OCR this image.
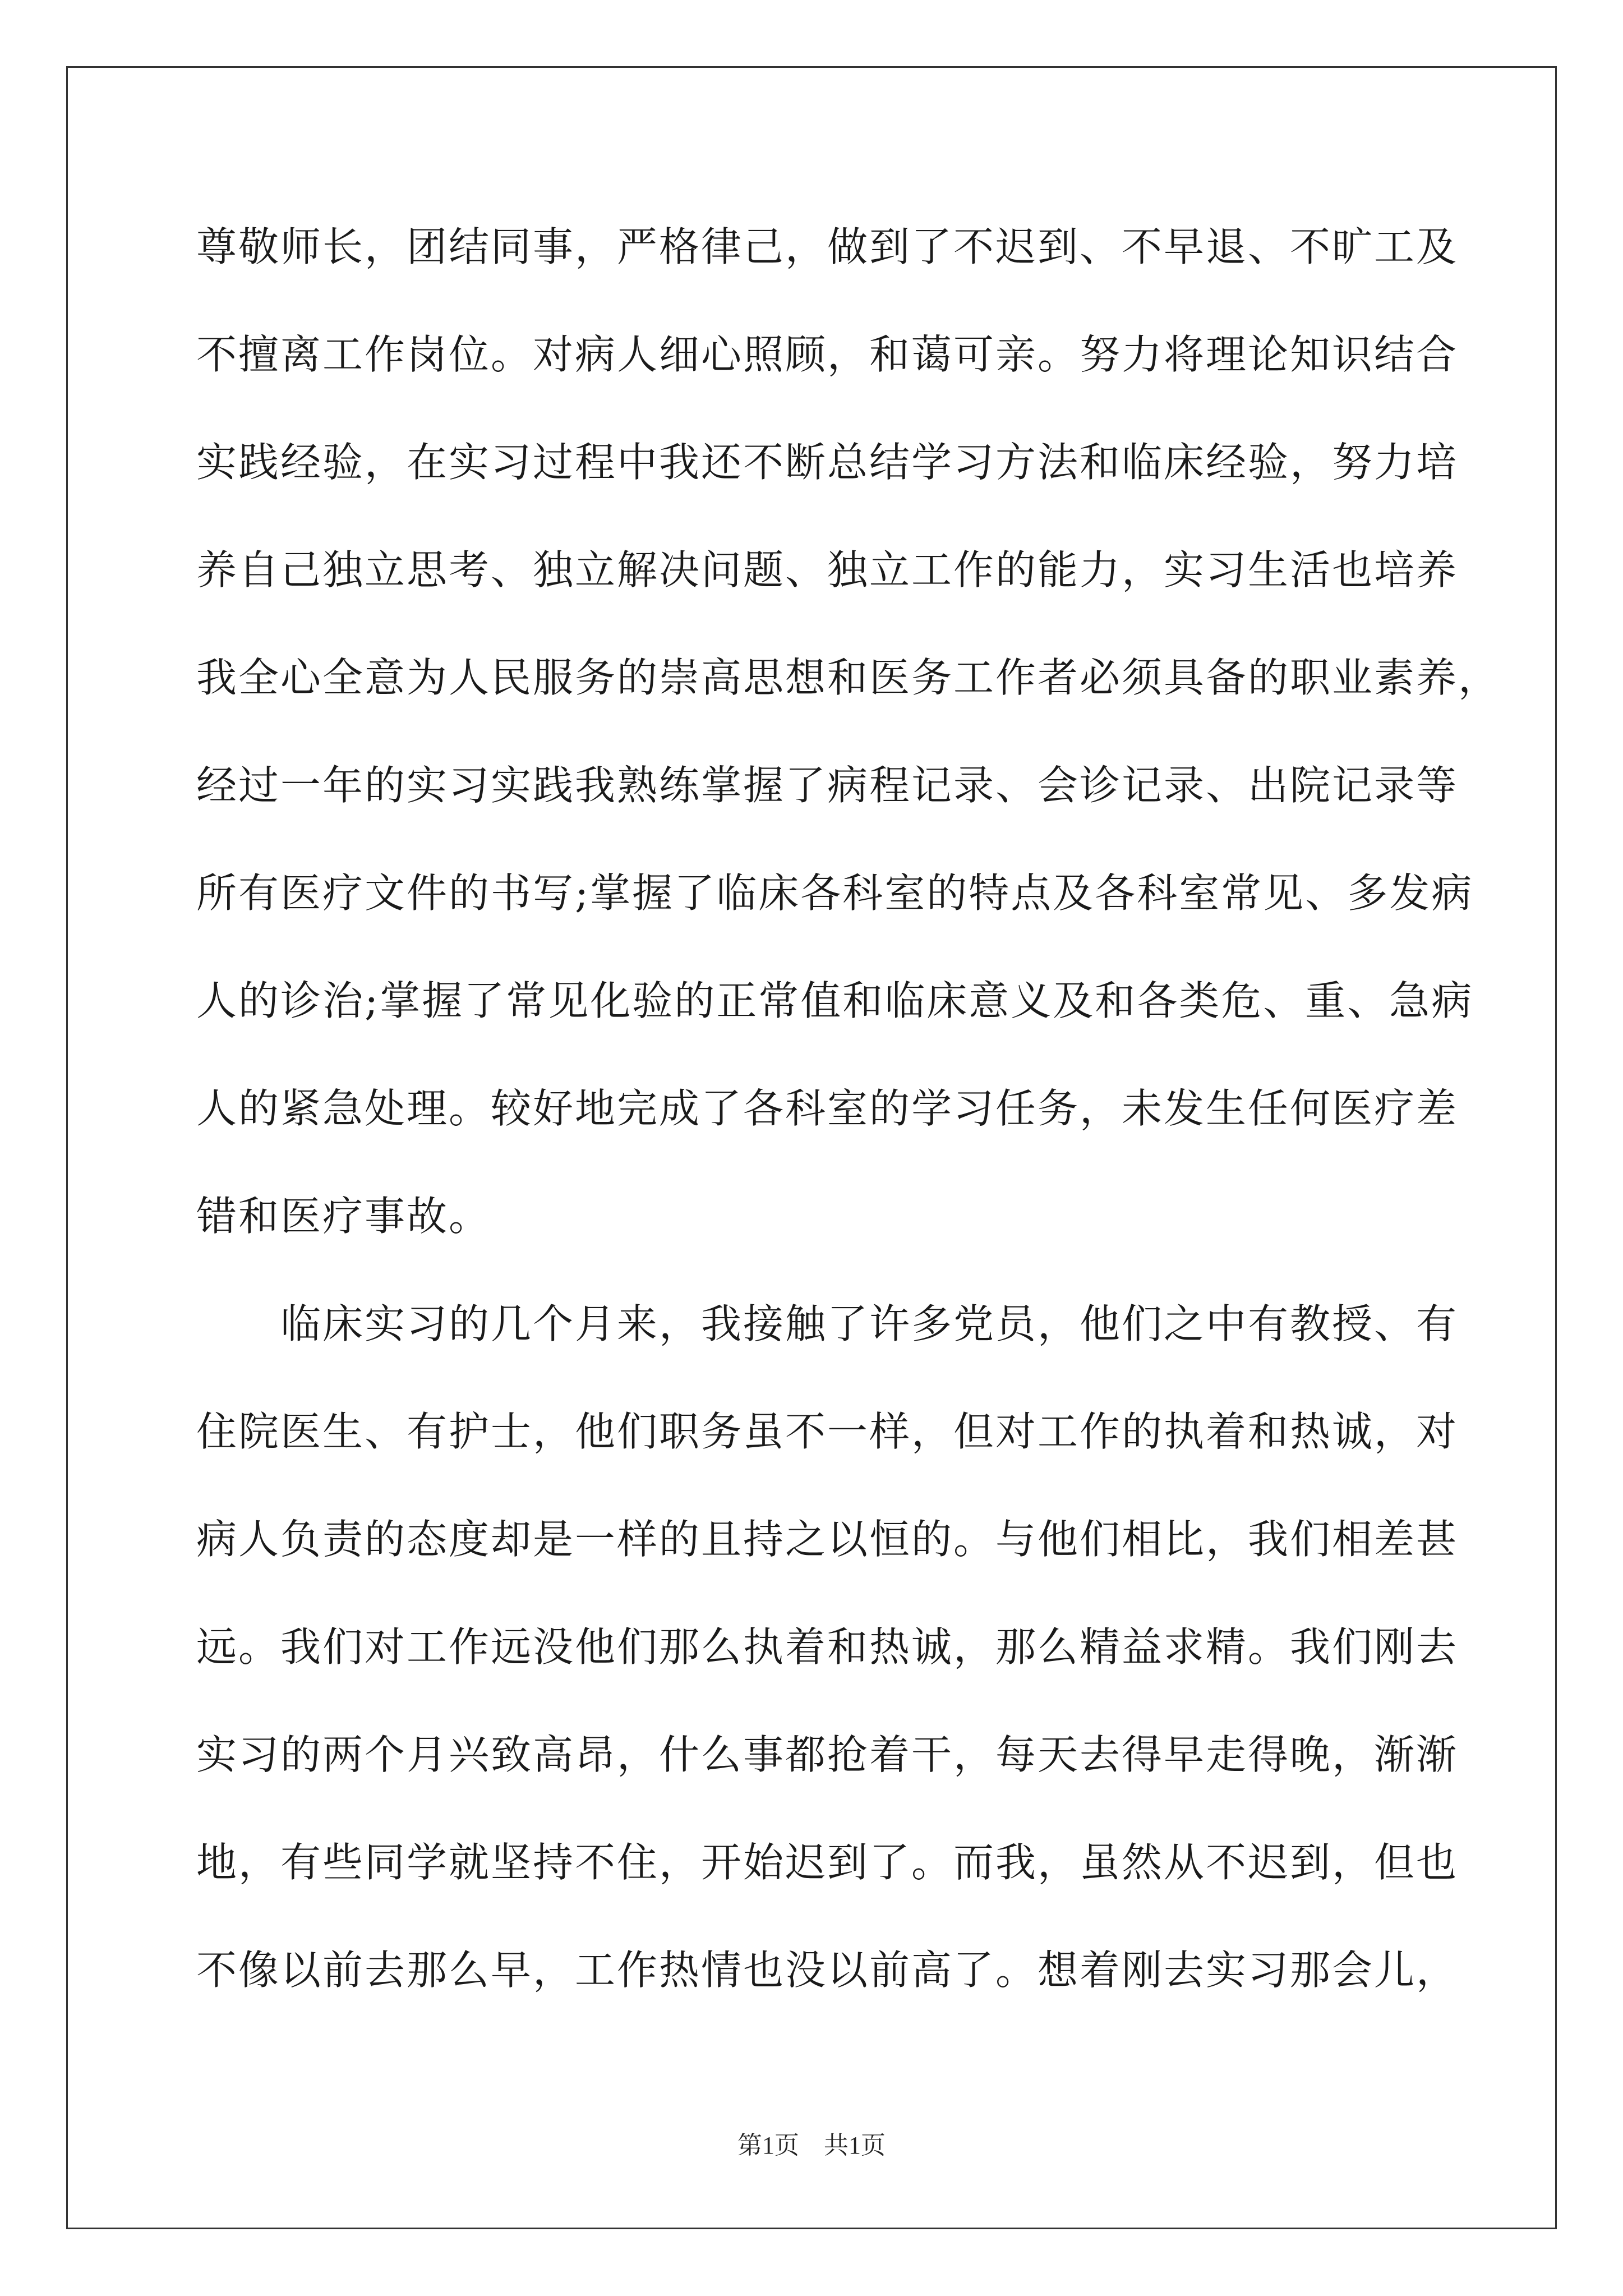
尊敬师长，团结同事，严格律己，做到了不迟到、不早退、不旷工及
不擅离工作岗位。对病人细心照顾，和蔼可亲。努力将理论知识结合
实践经验，在实习过程中我还不断总结学习方法和临床经验，努力培
养自己独立思考、独立解决问题、独立工作的能力，实习生活也培养
我全心全意为人民服务的崇高思想和医务工作者必须具备的职业素养，
经过一年的实习实践我熟练掌握了病程记录、会诊记录、出院记录等
所有医疗文件的书写;掌握了临床各科室的特点及各科室常见、多发病
人的诊治;掌握了常见化验的正常值和临床意义及和各类危、重、急病
人的紧急处理。较好地完成了各科室的学习任务，未发生任何医疗差
错和医疗事故。
临床实习的几个月来，我接触了许多党员，他们之中有教授、有
住院医生、有护士，他们职务虽不一样，但对工作的执着和热诚，对
病人负责的态度却是一样的且持之以恒的。与他们相比，我们相差甚
远。我们对工作远没他们那么执着和热诚，那么精益求精。我们刚去
实习的两个月兴致高昂，什么事都抢着干，每天去得早走得晚，渐渐
地，有些同学就坚持不住，开始迟到了。而我，虽然从不迟到，但也
不像以前去那么早，工作热情也没以前高了。想着刚去实习那会儿，
第1页　共1页
